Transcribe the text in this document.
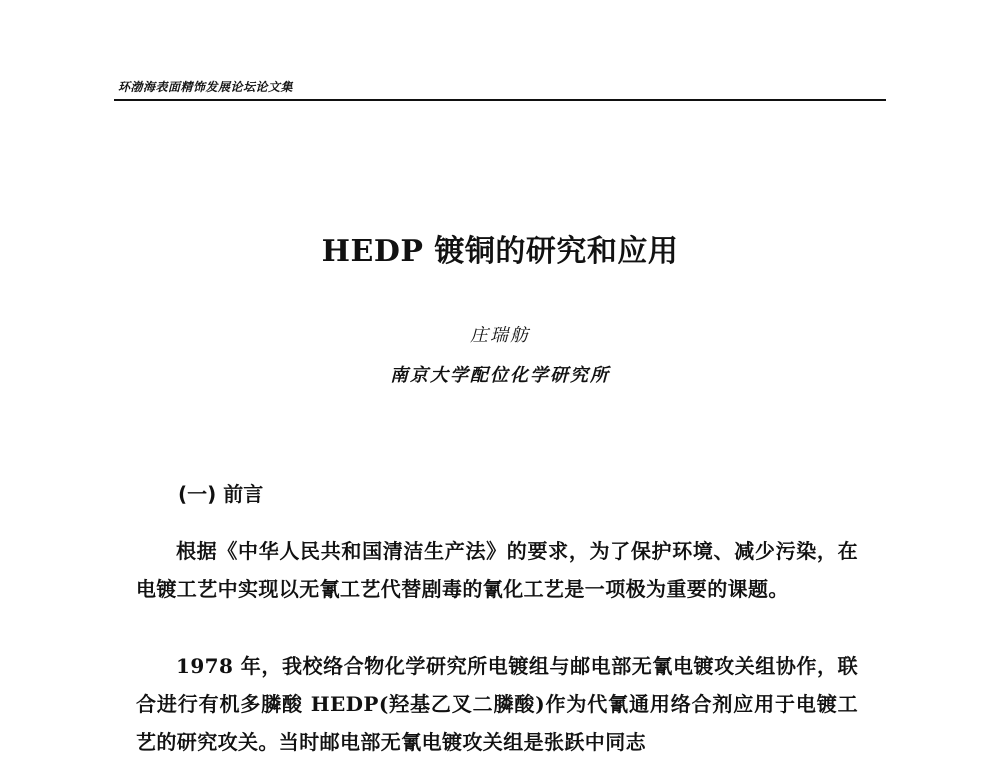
环渤海表面精饰发展论坛论文集
HEDP 镀铜的研究和应用
庄瑞舫
南京大学配位化学研究所
(一) 前言

根据《中华人民共和国清洁生产法》的要求，为了保护环境、减少污染，在电镀工艺中实现以无氰工艺代替剧毒的氰化工艺是一项极为重要的课题。

1978 年，我校络合物化学研究所电镀组与邮电部无氰电镀攻关组协作，联合进行有机多膦酸 HEDP(羟基乙叉二膦酸)作为代氰通用络合剂应用于电镀工艺的研究攻关。当时邮电部无氰电镀攻关组是张跃中同志
